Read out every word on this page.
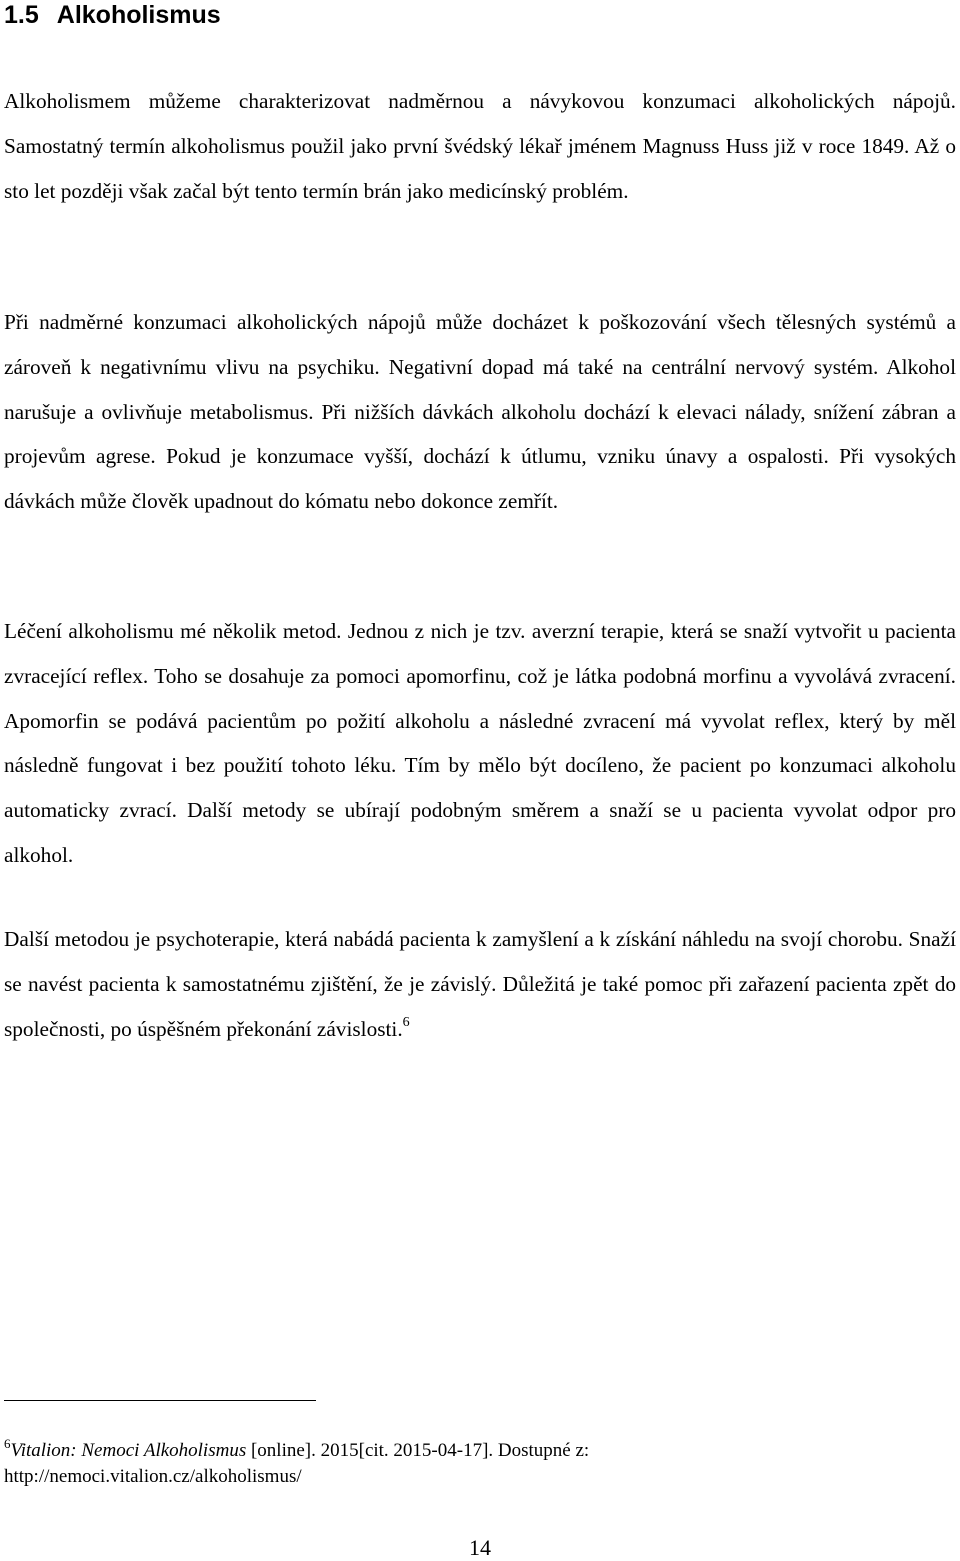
1.5 Alkoholismus

Alkoholismem můžeme charakterizovat nadměrnou a návykovou konzumaci alkoholických nápojů. Samostatný termín alkoholismus použil jako první švédský lékař jménem Magnuss Huss již v roce 1849. Až o sto let později však začal být tento termín brán jako medicínský problém.

Při nadměrné konzumaci alkoholických nápojů může docházet k poškozování všech tělesných systémů a zároveň k negativnímu vlivu na psychiku. Negativní dopad má také na centrální nervový systém. Alkohol narušuje a ovlivňuje metabolismus. Při nižších dávkách alkoholu dochází k elevaci nálady, snížení zábran a projevům agrese. Pokud je konzumace vyšší, dochází k útlumu, vzniku únavy a ospalosti. Při vysokých dávkách může člověk upadnout do kómatu nebo dokonce zemřít.

Léčení alkoholismu mé několik metod. Jednou z nich je tzv. averzní terapie, která se snaží vytvořit u pacienta zvracející reflex. Toho se dosahuje za pomoci apomorfinu, což je látka podobná morfinu a vyvolává zvracení. Apomorfin se podává pacientům po požití alkoholu a následné zvracení má vyvolat reflex, který by měl následně fungovat i bez použití tohoto léku. Tím by mělo být docíleno, že pacient po konzumaci alkoholu automaticky zvrací. Další metody se ubírají podobným směrem a snaží se u pacienta vyvolat odpor pro alkohol.

Další metodou je psychoterapie, která nabádá pacienta k zamyšlení a k získání náhledu na svojí chorobu. Snaží se navést pacienta k samostatnému zjištění, že je závislý. Důležitá je také pomoc při zařazení pacienta zpět do společnosti, po úspěšném překonání závislosti.$^6$

$^6$Vitalion: Nemoci Alkoholismus [online]. 2015[cit. 2015-04-17]. Dostupné z:
http://nemoci.vitalion.cz/alkoholismus/

14
